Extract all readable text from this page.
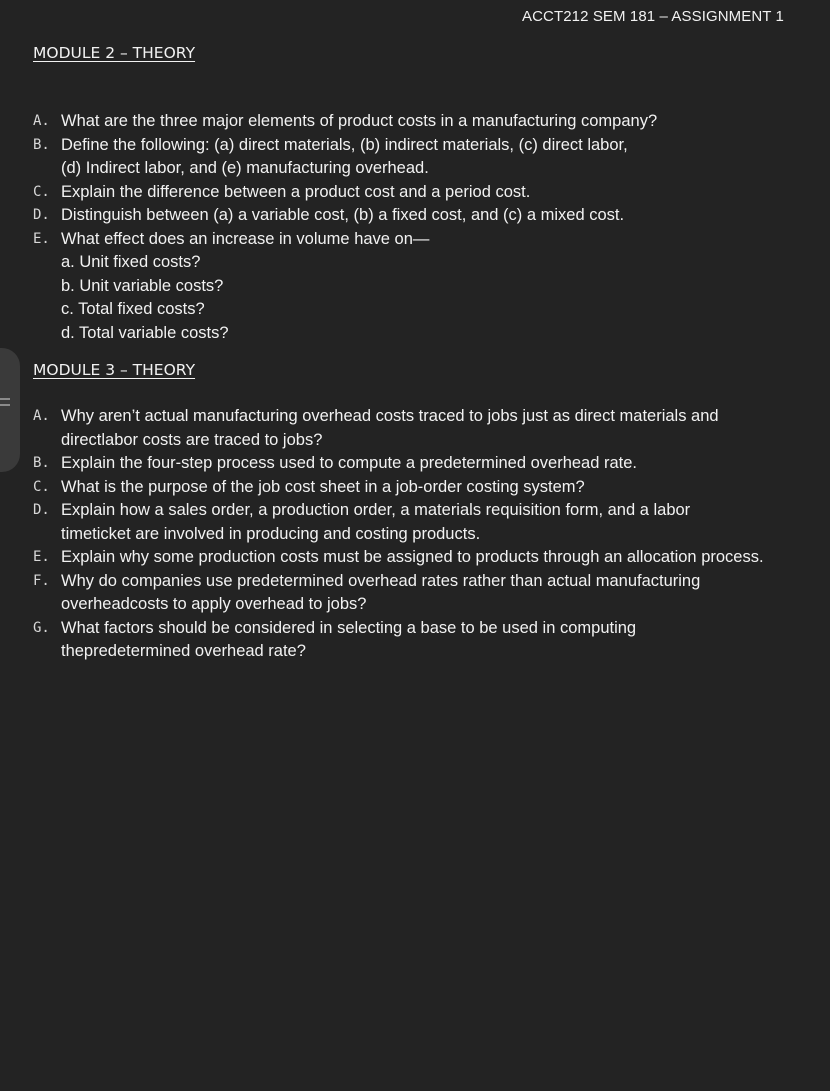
ACCT212 SEM 181 – ASSIGNMENT 1
MODULE 2 – THEORY
A. What are the three major elements of product costs in a manufacturing company?
B. Define the following: (a) direct materials, (b) indirect materials, (c) direct labor,
(d) Indirect labor, and (e) manufacturing overhead.
C. Explain the difference between a product cost and a period cost.
D. Distinguish between (a) a variable cost, (b) a fixed cost, and (c) a mixed cost.
E. What effect does an increase in volume have on—
a. Unit fixed costs?
b. Unit variable costs?
c. Total fixed costs?
d. Total variable costs?
MODULE 3 – THEORY
A. Why aren’t actual manufacturing overhead costs traced to jobs just as direct materials and
directlabor costs are traced to jobs?
B. Explain the four-step process used to compute a predetermined overhead rate.
C. What is the purpose of the job cost sheet in a job-order costing system?
D. Explain how a sales order, a production order, a materials requisition form, and a labor
timeticket are involved in producing and costing products.
E. Explain why some production costs must be assigned to products through an allocation process.
F. Why do companies use predetermined overhead rates rather than actual manufacturing
overheadcosts to apply overhead to jobs?
G. What factors should be considered in selecting a base to be used in computing
thepredetermined overhead rate?
